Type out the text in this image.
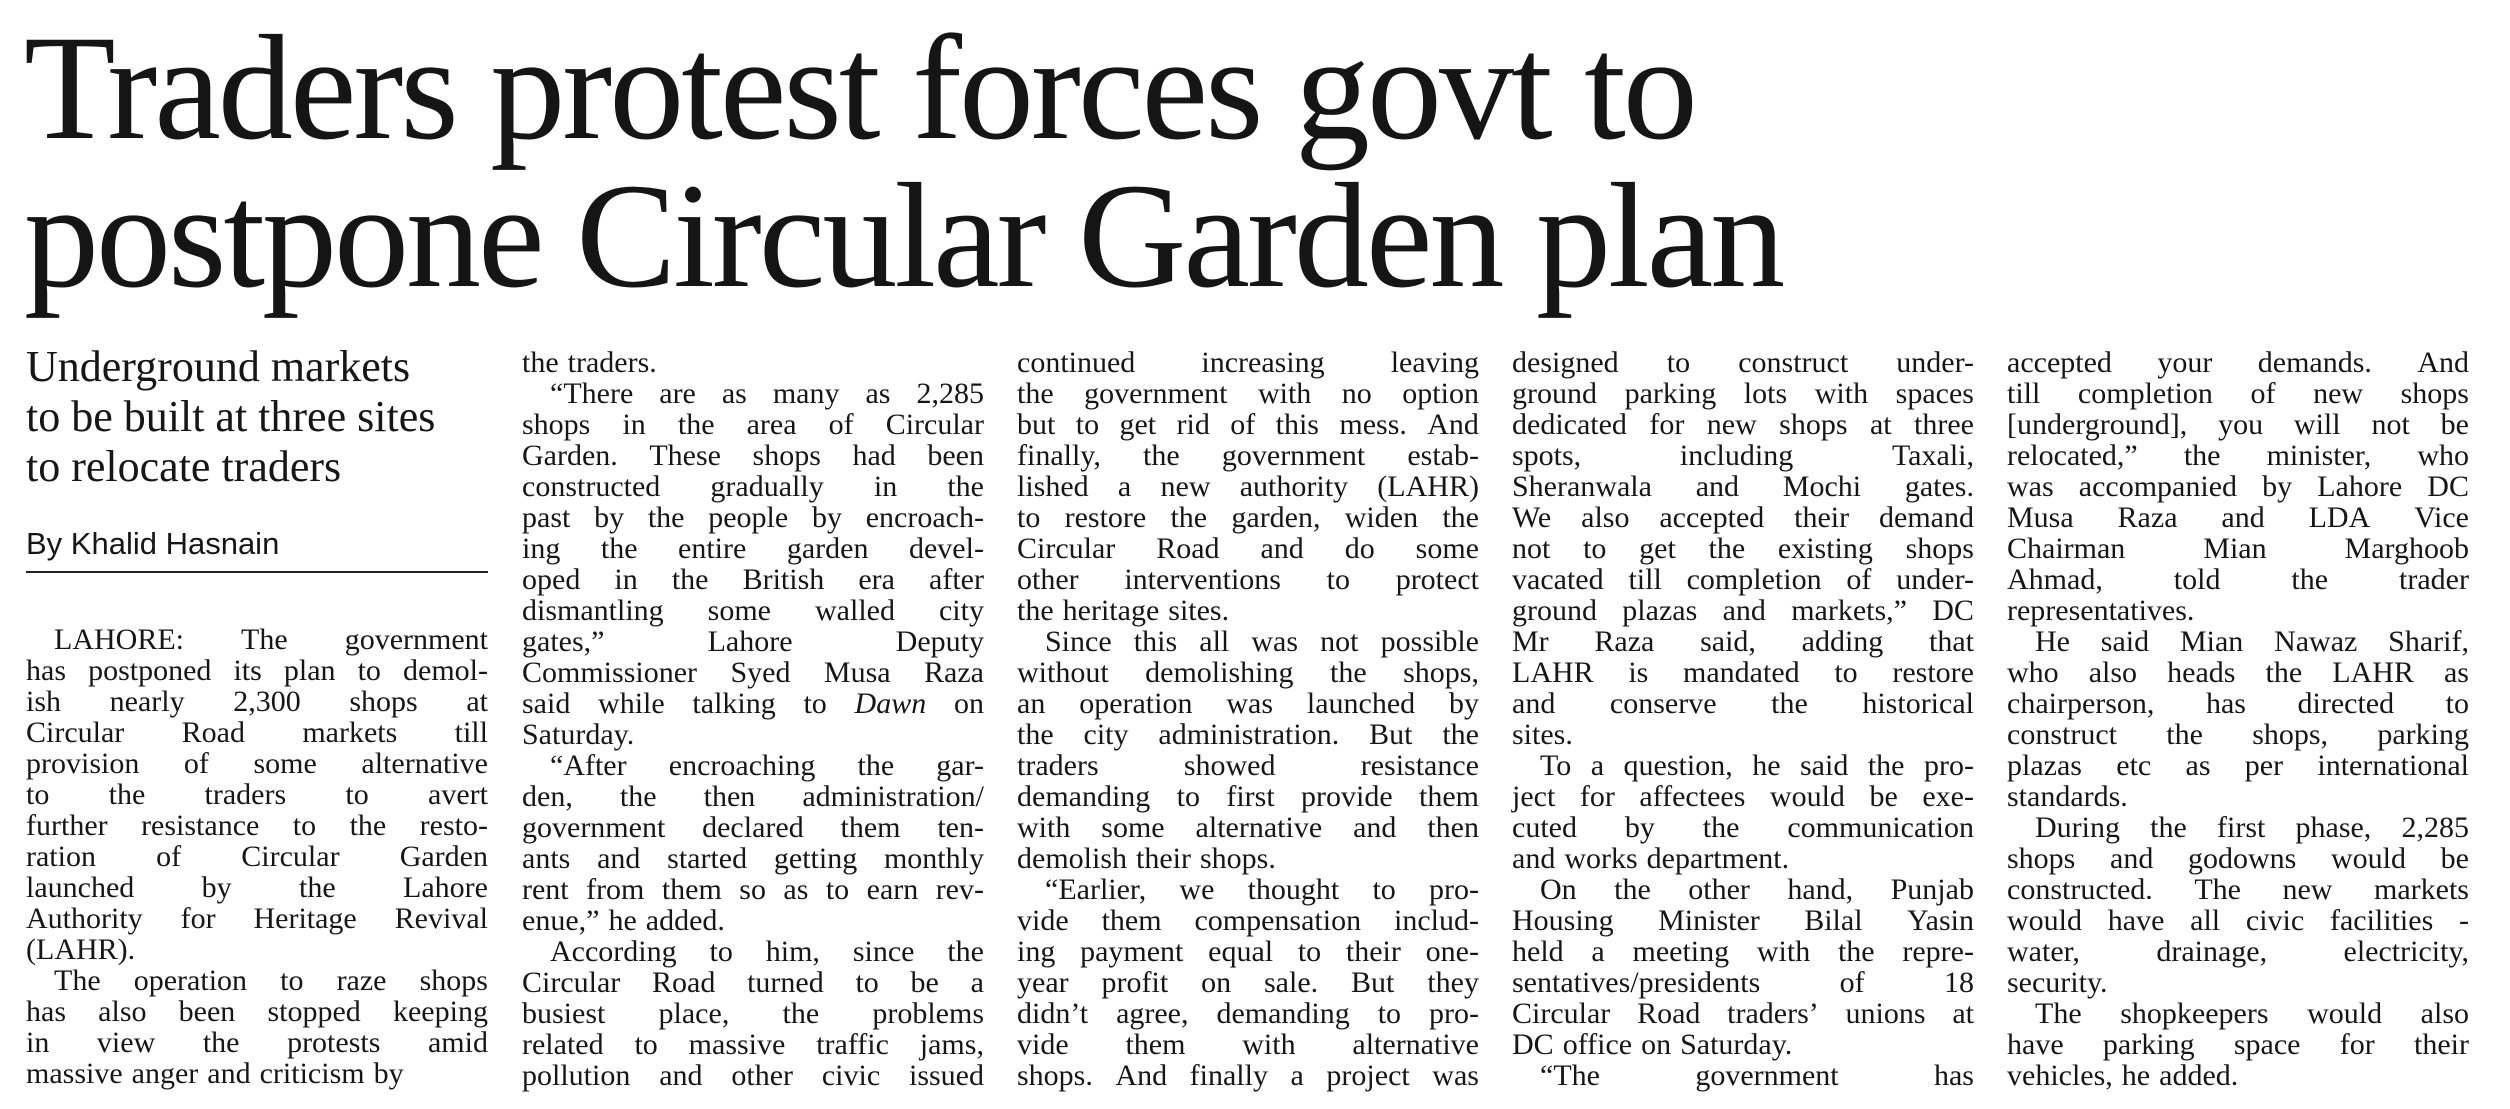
Traders protest forces govt to
postpone Circular Garden plan
Underground markets
to be built at three sites
to relocate traders
By Khalid Hasnain
LAHORE: The government
has postponed its plan to demol-
ish nearly 2,300 shops at
Circular Road markets till
provision of some alternative
to the traders to avert
further resistance to the resto-
ration of Circular Garden
launched by the Lahore
Authority for Heritage Revival
(LAHR).
The operation to raze shops
has also been stopped keeping
in view the protests amid
massive anger and criticism by
the traders.
“There are as many as 2,285
shops in the area of Circular
Garden. These shops had been
constructed gradually in the
past by the people by encroach-
ing the entire garden devel-
oped in the British era after
dismantling some walled city
gates,”	Lahore	Deputy
Commissioner Syed Musa Raza
said while talking to Dawn on
Saturday.
“After encroaching the gar-
den, the then administration/
government declared them ten-
ants and started getting monthly
rent from them so as to earn rev-
enue,” he added.
According to him, since the
Circular Road turned to be a
busiest place, the problems
related to massive traffic jams,
pollution and other civic issued
continued increasing leaving
the government with no option
but to get rid of this mess. And
finally, the government estab-
lished a new authority (LAHR)
to restore the garden, widen the
Circular Road and do some
other interventions to protect
the heritage sites.
Since this all was not possible
without demolishing the shops,
an operation was launched by
the city administration. But the
traders	showed	resistance
demanding to first provide them
with some alternative and then
demolish their shops.
“Earlier, we thought to pro-
vide them compensation includ-
ing payment equal to their one-
year profit on sale. But they
didn’t agree, demanding to pro-
vide them with alternative
shops. And finally a project was
designed to construct under-
ground parking lots with spaces
dedicated for new shops at three
spots,	including	Taxali,
Sheranwala and Mochi gates.
We also accepted their demand
not to get the existing shops
vacated till completion of under-
ground plazas and markets,” DC
Mr Raza said, adding that
LAHR is mandated to restore
and conserve the historical
sites.
To a question, he said the pro-
ject for affectees would be exe-
cuted by the communication
and works department.
On the other hand, Punjab
Housing Minister Bilal Yasin
held a meeting with the repre-
sentatives/presidents	of	18
Circular Road traders’ unions at
DC office on Saturday.
“The	government	has
accepted your demands. And
till completion of new shops
[underground], you will not be
relocated,” the minister, who
was accompanied by Lahore DC
Musa Raza and LDA Vice
Chairman	Mian	Marghoob
Ahmad, told the trader
representatives.
He said Mian Nawaz Sharif,
who also heads the LAHR as
chairperson, has directed to
construct the shops, parking
plazas etc as per international
standards.
During the first phase, 2,285
shops and godowns would be
constructed. The new markets
would have all civic facilities -
water,	drainage,	electricity,
security.
The shopkeepers would also
have parking space for their
vehicles, he added.
